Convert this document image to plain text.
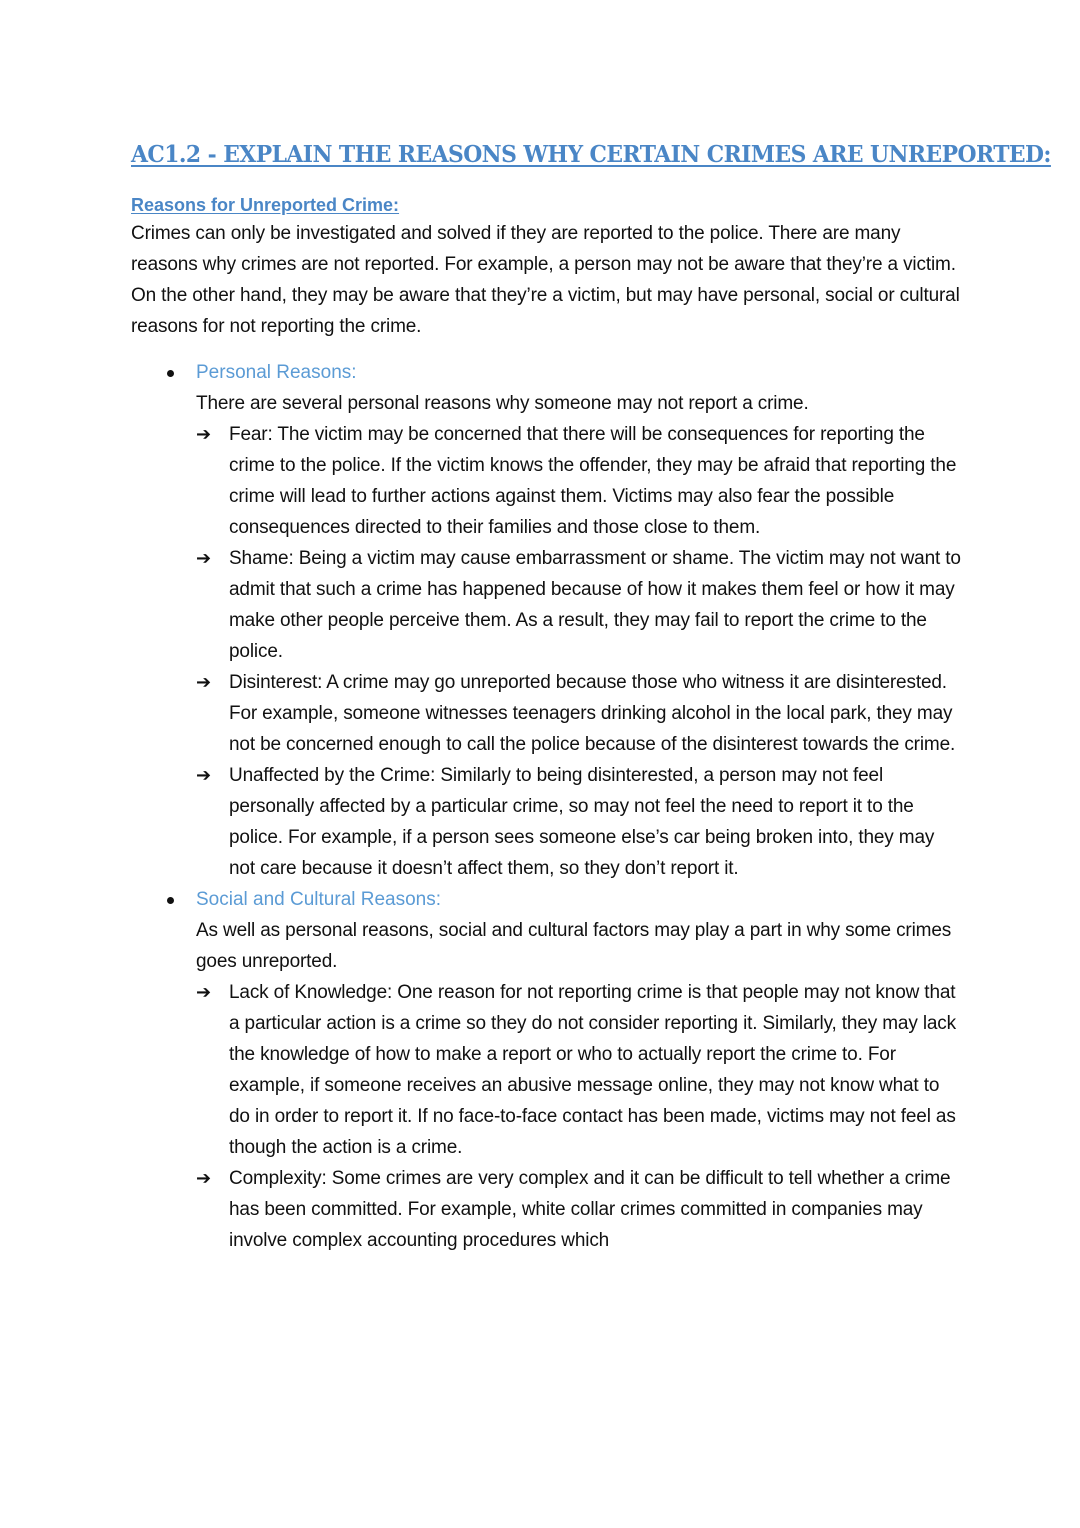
AC1.2 - EXPLAIN THE REASONS WHY CERTAIN CRIMES ARE UNREPORTED:
Reasons for Unreported Crime:

Crimes can only be investigated and solved if they are reported to the police. There are many reasons why crimes are not reported. For example, a person may not be aware that they’re a victim. On the other hand, they may be aware that they’re a victim, but may have personal, social or cultural reasons for not reporting the crime.

Personal Reasons:
There are several personal reasons why someone may not report a crime.
➔ Fear: The victim may be concerned that there will be consequences for reporting the crime to the police. If the victim knows the offender, they may be afraid that reporting the crime will lead to further actions against them. Victims may also fear the possible consequences directed to their families and those close to them.
➔ Shame: Being a victim may cause embarrassment or shame. The victim may not want to admit that such a crime has happened because of how it makes them feel or how it may make other people perceive them. As a result, they may fail to report the crime to the police.
➔ Disinterest: A crime may go unreported because those who witness it are disinterested. For example, someone witnesses teenagers drinking alcohol in the local park, they may not be concerned enough to call the police because of the disinterest towards the crime.
➔ Unaffected by the Crime: Similarly to being disinterested, a person may not feel personally affected by a particular crime, so may not feel the need to report it to the police. For example, if a person sees someone else’s car being broken into, they may not care because it doesn’t affect them, so they don’t report it.
Social and Cultural Reasons:
As well as personal reasons, social and cultural factors may play a part in why some crimes goes unreported.
➔ Lack of Knowledge: One reason for not reporting crime is that people may not know that a particular action is a crime so they do not consider reporting it. Similarly, they may lack the knowledge of how to make a report or who to actually report the crime to. For example, if someone receives an abusive message online, they may not know what to do in order to report it. If no face-to-face contact has been made, victims may not feel as though the action is a crime.
➔ Complexity: Some crimes are very complex and it can be difficult to tell whether a crime has been committed. For example, white collar crimes committed in companies may involve complex accounting procedures which
